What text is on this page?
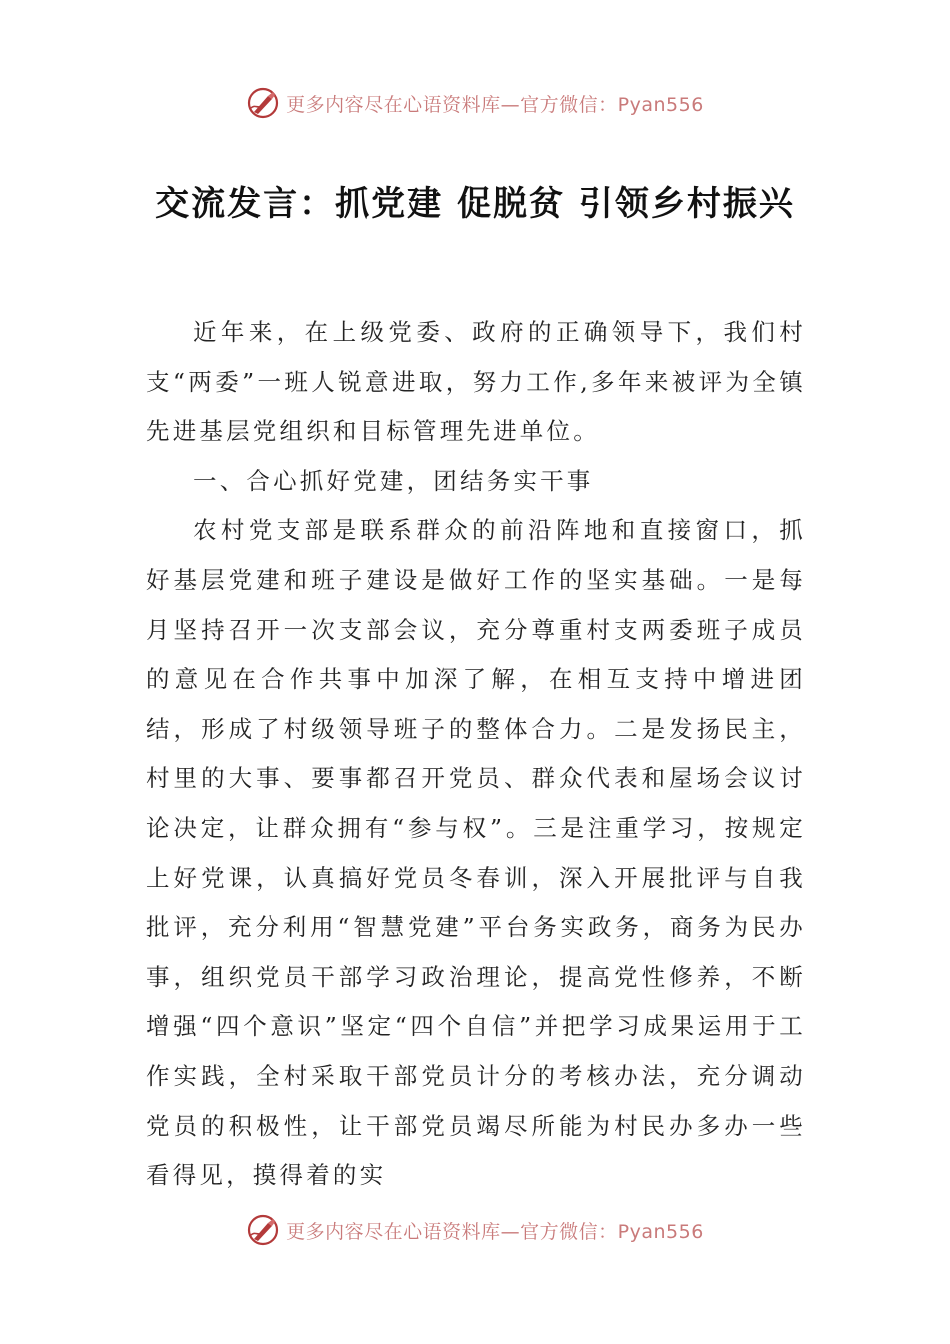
更多内容尽在心语资料库—官方微信：Pyan556
交流发言：抓党建 促脱贫 引领乡村振兴

近年来，在上级党委、政府的正确领导下，我们村支“两委”一班人锐意进取，努力工作,多年来被评为全镇先进基层党组织和目标管理先进单位。

一、合心抓好党建，团结务实干事

农村党支部是联系群众的前沿阵地和直接窗口，抓好基层党建和班子建设是做好工作的坚实基础。一是每月坚持召开一次支部会议，充分尊重村支两委班子成员的意见在合作共事中加深了解，在相互支持中增进团结，形成了村级领导班子的整体合力。二是发扬民主，村里的大事、要事都召开党员、群众代表和屋场会议讨论决定，让群众拥有“参与权”。三是注重学习，按规定上好党课，认真搞好党员冬春训，深入开展批评与自我批评，充分利用“智慧党建”平台务实政务，商务为民办事，组织党员干部学习政治理论，提高党性修养，不断增强“四个意识”坚定“四个自信”并把学习成果运用于工作实践，全村采取干部党员计分的考核办法，充分调动党员的积极性，让干部党员竭尽所能为村民办多办一些看得见，摸得着的实

更多内容尽在心语资料库—官方微信：Pyan556
